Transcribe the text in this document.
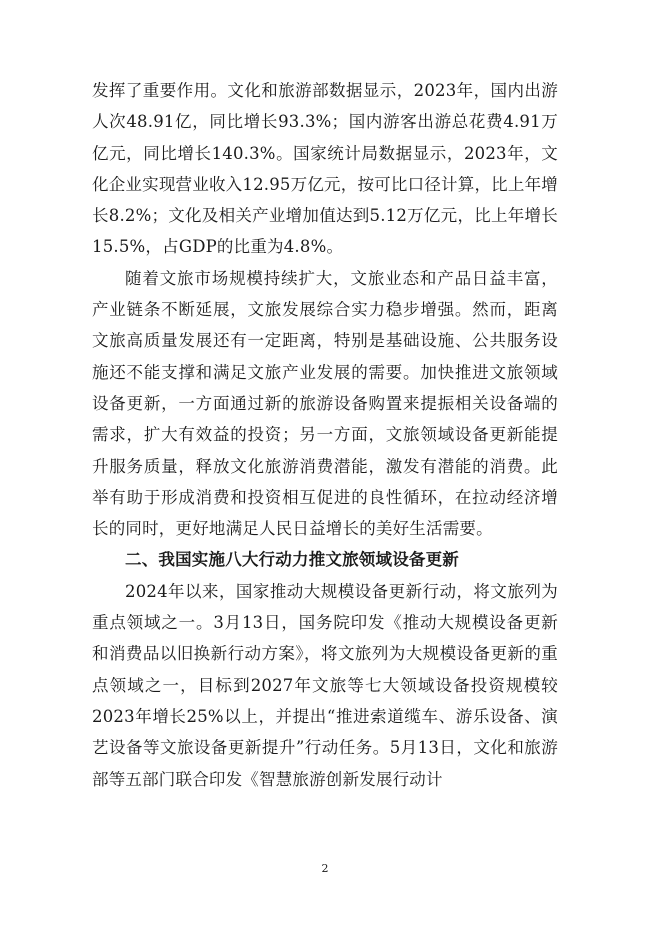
发挥了重要作用。文化和旅游部数据显示，2023年，国内出游人次48.91亿，同比增长93.3%；国内游客出游总花费4.91万亿元，同比增长140.3%。国家统计局数据显示，2023年，文化企业实现营业收入12.95万亿元，按可比口径计算，比上年增长8.2%；文化及相关产业增加值达到5.12万亿元，比上年增长15.5%，占GDP的比重为4.8%。

随着文旅市场规模持续扩大，文旅业态和产品日益丰富，产业链条不断延展，文旅发展综合实力稳步增强。然而，距离文旅高质量发展还有一定距离，特别是基础设施、公共服务设施还不能支撑和满足文旅产业发展的需要。加快推进文旅领域设备更新，一方面通过新的旅游设备购置来提振相关设备端的需求，扩大有效益的投资；另一方面，文旅领域设备更新能提升服务质量，释放文化旅游消费潜能，激发有潜能的消费。此举有助于形成消费和投资相互促进的良性循环，在拉动经济增长的同时，更好地满足人民日益增长的美好生活需要。

二、我国实施八大行动力推文旅领域设备更新

2024年以来，国家推动大规模设备更新行动，将文旅列为重点领域之一。3月13日，国务院印发《推动大规模设备更新和消费品以旧换新行动方案》，将文旅列为大规模设备更新的重点领域之一，目标到2027年文旅等七大领域设备投资规模较2023年增长25%以上，并提出“推进索道缆车、游乐设备、演艺设备等文旅设备更新提升”行动任务。5月13日，文化和旅游部等五部门联合印发《智慧旅游创新发展行动计

2
